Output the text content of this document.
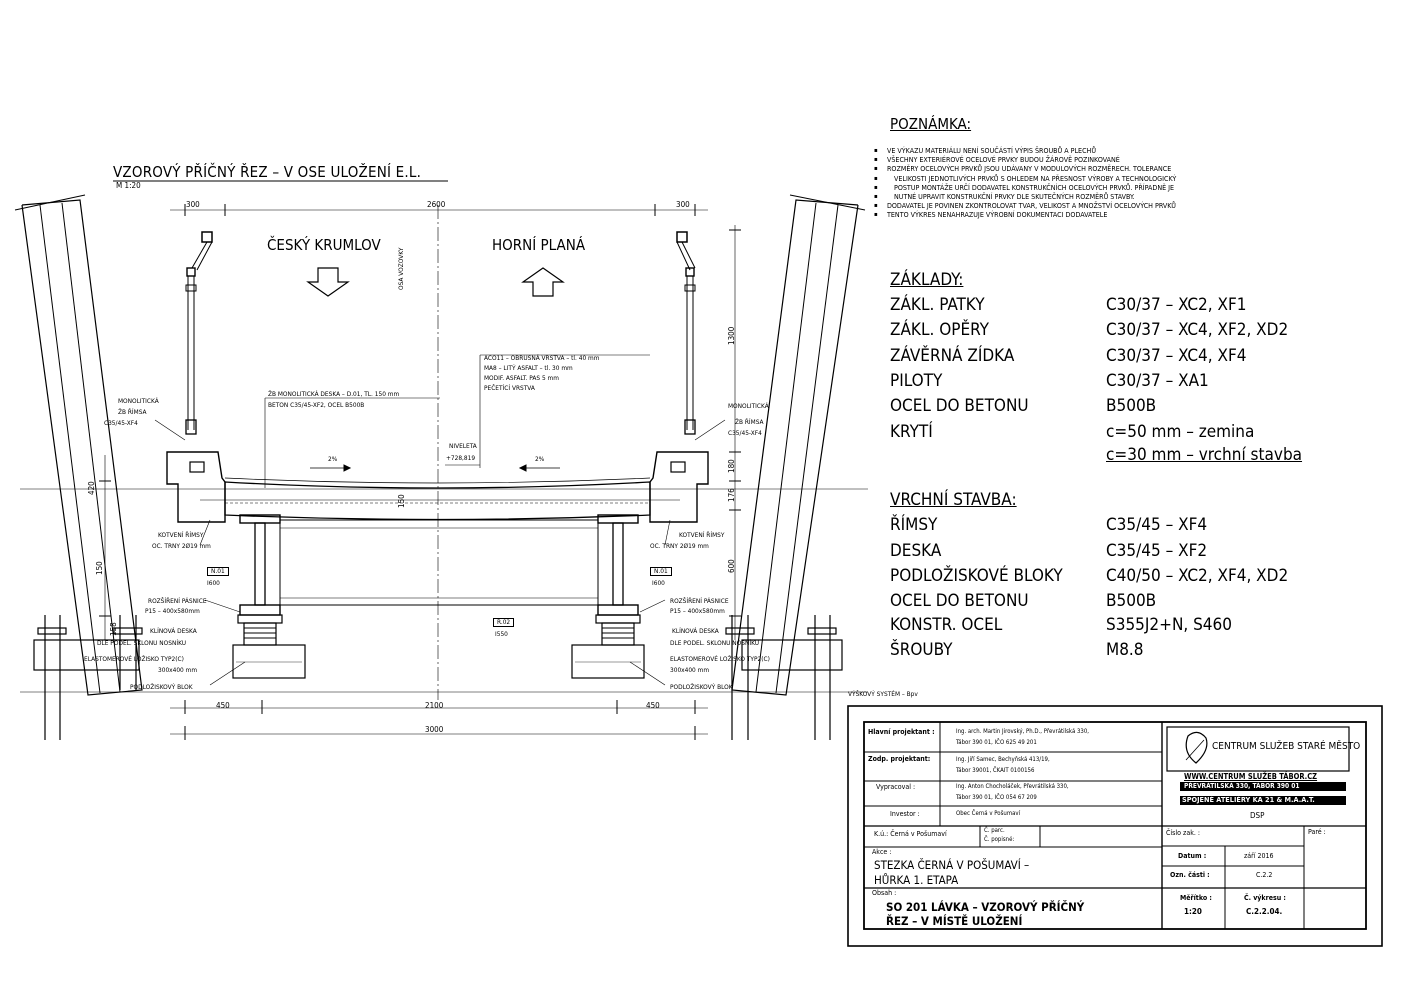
VZOROVÝ PŘÍČNÝ ŘEZ – V OSE ULOŽENÍ E.L.
M 1:20
300	2600	300
ČESKÝ KRUMLOV	HORNÍ PLANÁ
OSA VOZOVKY
1300
180
176
600
420
150
150
158
ACO11 – OBRUSNÁ VRSTVA – tl. 40 mm
MA8 – LITÝ ASFALT – tl. 30 mm
MODIF. ASFALT. PAS 5 mm
PEČETÍCÍ VRSTVA
ŽB MONOLITICKÁ DESKA – D.01, TL. 150 mm
BETON C35/45-XF2, OCEL B500B
NIVELETA
+728,819
2%	2%
MONOLITICKÁ
ŽB ŘÍMSA
C35/45-XF4
MONOLITICKÁ
ŽB ŘÍMSA
C35/45-XF4
KOTVENÍ ŘÍMSY
OC. TRNY 2Ø19 mm
KOTVENÍ ŘÍMSY
OC. TRNY 2Ø19 mm
N.01
I600
N.01
I600
R.02
I550
ROZŠÍŘENÍ PÁSNICE
P15 – 400x580mm
ROZŠÍŘENÍ PÁSNICE
P15 – 400x580mm
KLÍNOVÁ DESKA
DLE PODEL. SKLONU NOSNÍKU
KLÍNOVÁ DESKA
DLE PODEL. SKLONU NOSNÍKU
ELASTOMEROVÉ LOŽISKO TYP2(C)
300x400 mm
ELASTOMEROVÉ LOŽISKO TYP2(C)
300x400 mm
PODLOŽISKOVÝ BLOK	PODLOŽISKOVÝ BLOK
450	2100	450
3000
VÝŠKOVÝ SYSTÉM – Bpv
POZNÁMKA:
▪ VE VÝKAZU MATERIÁLU NENÍ SOUČÁSTÍ VÝPIS ŠROUBŮ A PLECHŮ
▪ VŠECHNY EXTERIÉROVÉ OCELOVÉ PRVKY BUDOU ŽÁROVĚ POZINKOVANÉ
▪ ROZMĚRY OCELOVÝCH PRVKŮ JSOU UDÁVANY V MODULOVÝCH ROZMĚRECH. TOLERANCE
▪ VELIKOSTI JEDNOTLIVÝCH PRVKŮ S OHLEDEM NA PŘESNOST VÝROBY A TECHNOLOGICKÝ
▪ POSTUP MONTÁŽE URČÍ DODAVATEL KONSTRUKČNÍCH OCELOVÝCH PRVKŮ. PŘÍPADNĚ JE
▪ NUTNÉ UPRAVIT KONSTRUKČNÍ PRVKY DLE SKUTEČNÝCH ROZMĚRŮ STAVBY.
▪ DODAVATEL JE POVINEN ZKONTROLOVAT TVAR, VELIKOST A MNOŽSTVÍ OCELOVÝCH PRVKŮ
▪ TENTO VÝKRES NENAHRAZUJE VÝROBNÍ DOKUMENTACI DODAVATELE
ZÁKLADY:
ZÁKL. PATKY	C30/37 – XC2, XF1
ZÁKL. OPĚRY	C30/37 – XC4, XF2, XD2
ZÁVĚRNÁ ZÍDKA	C30/37 – XC4, XF4
PILOTY	C30/37 – XA1
OCEL DO BETONU	B500B
KRYTÍ	c=50 mm – zemina
c=30 mm – vrchní stavba
VRCHNÍ STAVBA:
ŘÍMSY	C35/45 – XF4
DESKA	C35/45 – XF2
PODLOŽISKOVÉ BLOKY	C40/50 – XC2, XF4, XD2
OCEL DO BETONU	B500B
KONSTR. OCEL	S355J2+N, S460
ŠROUBY	M8.8
Hlavní projektant :	Ing. arch. Martin Jirovský, Ph.D., Převrátilská 330,
Tábor 390 01, IČO 625 49 201
Zodp. projektant:	Ing. Jiří Samec, Bechyňská 413/19,
Tábor 39001, ČKAIT 0100156
Vypracoval :	Ing. Anton Chocholáček, Převrátilská 330,
Tábor 390 01, IČO 054 67 209
Investor :	Obec Černá v Pošumaví
K.ú.: Černá v Pošumaví	Č. parc.
Č. popisné:
Akce :
STEZKA ČERNÁ V POŠUMAVÍ –
HŮRKA 1. ETAPA
Obsah :
SO 201 LÁVKA – VZOROVÝ PŘÍČNÝ
ŘEZ – V MÍSTĚ ULOŽENÍ
CENTRUM SLUŽEB STARÉ MĚSTO
WWW.CENTRUM SLUŽEB TÁBOR.CZ
PŘEVRÁTILSKÁ 330, TÁBOR 390 01
SPOJENÉ ATELIÉRY KA 21 & M.A.A.T.
DSP
Číslo zak. :	Paré :
Datum :	září 2016
Ozn. části :	C.2.2
Měřítko :
1:20
Č. výkresu :
C.2.2.04.
